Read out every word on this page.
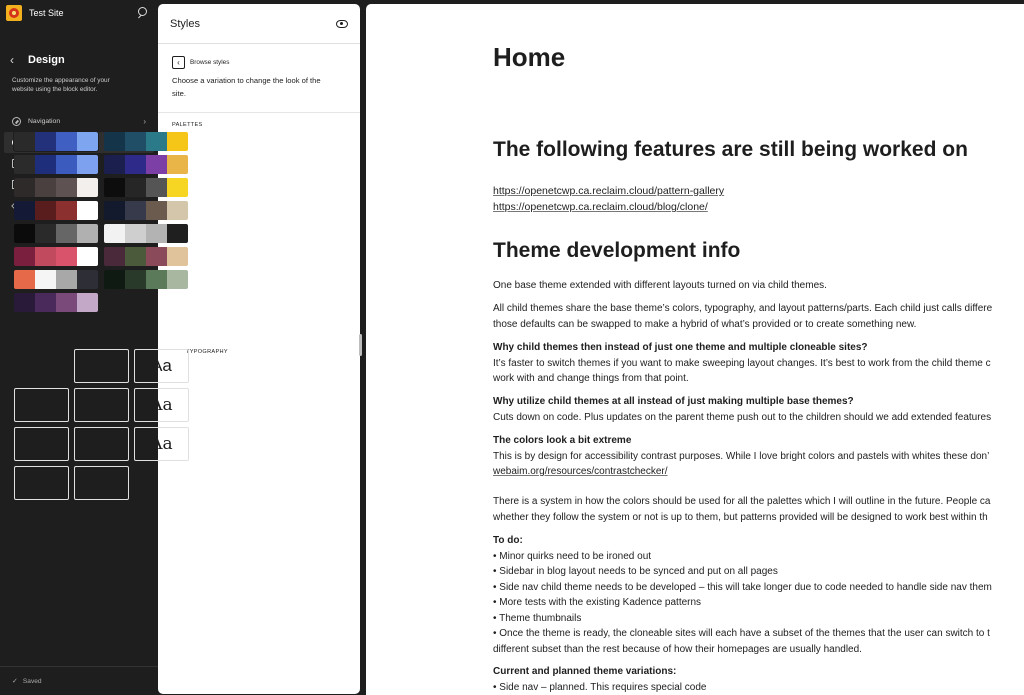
Test Site
‹	Design
Customize the appearance of your
website using the block editor.
Navigation	›
✓ Saved
Styles
‹	Browse styles
Choose a variation to change the look of the
site.
PALETTES
TYPOGRAPHY
Aa	Aa	Aa
Aa	Aa	Aa
Aa	Aa	Aa
Aa	Aa
Home
The following features are still being worked on
https://openetcwp.ca.reclaim.cloud/pattern-gallery
https://openetcwp.ca.reclaim.cloud/blog/clone/
Theme development info
One base theme extended with different layouts turned on via child themes.
All child themes share the base theme’s colors, typography, and layout patterns/parts. Each child just calls differe
those defaults can be swapped to make a hybrid of what’s provided or to create something new.
Why child themes then instead of just one theme and multiple cloneable sites?
It’s faster to switch themes if you want to make sweeping layout changes. It’s best to work from the child theme c
work with and change things from that point.
Why utilize child themes at all instead of just making multiple base themes?
Cuts down on code. Plus updates on the parent theme push out to the children should we add extended features
The colors look a bit extreme
This is by design for accessibility contrast purposes. While I love bright colors and pastels with whites these don’
webaim.org/resources/contrastchecker/
There is a system in how the colors should be used for all the palettes which I will outline in the future. People ca
whether they follow the system or not is up to them, but patterns provided will be designed to work best within th
To do:
• Minor quirks need to be ironed out
• Sidebar in blog layout needs to be synced and put on all pages
• Side nav child theme needs to be developed – this will take longer due to code needed to handle side nav them
• More tests with the existing Kadence patterns
• Theme thumbnails
• Once the theme is ready, the cloneable sites will each have a subset of the themes that the user can switch to t
different subset than the rest because of how their homepages are usually handled.
Current and planned theme variations:
• Side nav – planned. This requires special code
